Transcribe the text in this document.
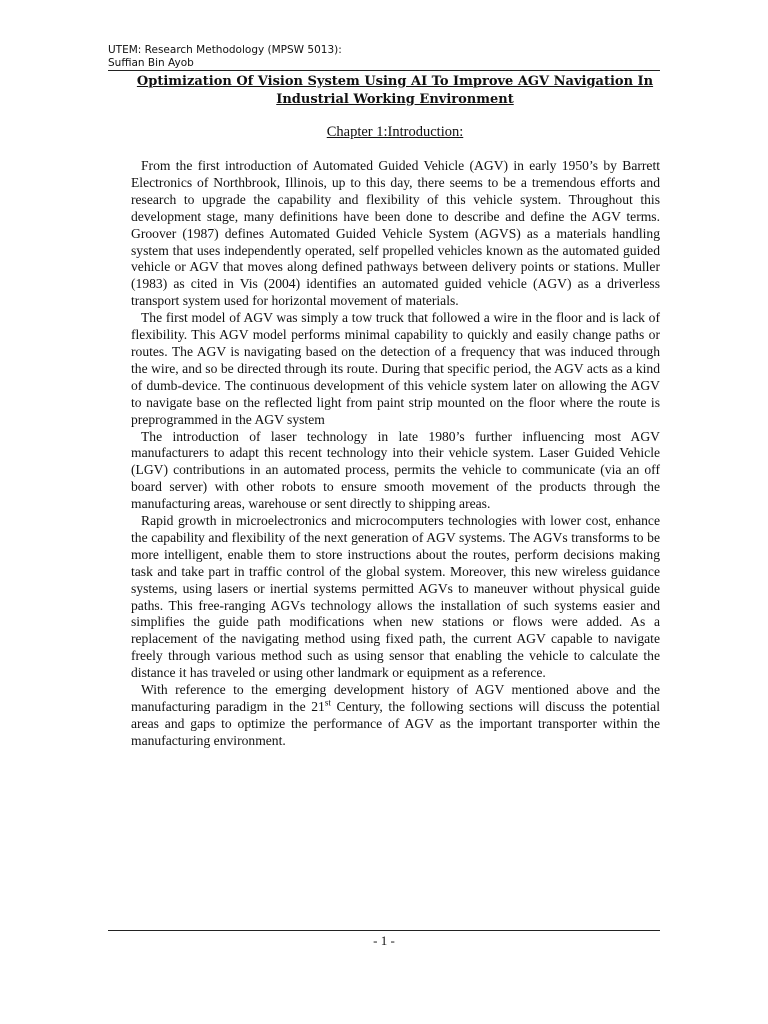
UTEM: Research Methodology (MPSW 5013):
Suffian Bin Ayob
Optimization Of Vision System Using AI To Improve AGV Navigation In
Industrial Working Environment
Chapter 1:Introduction:

From the first introduction of Automated Guided Vehicle (AGV) in early 1950’s by Barrett Electronics of Northbrook, Illinois, up to this day, there seems to be a tremendous efforts and research to upgrade the capability and flexibility of this vehicle system. Throughout this development stage, many definitions have been done to describe and define the AGV terms. Groover (1987) defines Automated Guided Vehicle System (AGVS) as a materials handling system that uses independently operated, self propelled vehicles known as the automated guided vehicle or AGV that moves along defined pathways between delivery points or stations. Muller (1983) as cited in Vis (2004) identifies an automated guided vehicle (AGV) as a driverless transport system used for horizontal movement of materials.

The first model of AGV was simply a tow truck that followed a wire in the floor and is lack of flexibility. This AGV model performs minimal capability to quickly and easily change paths or routes. The AGV is navigating based on the detection of a frequency that was induced through the wire, and so be directed through its route. During that specific period, the AGV acts as a kind of dumb-device. The continuous development of this vehicle system later on allowing the AGV to navigate base on the reflected light from paint strip mounted on the floor where the route is preprogrammed in the AGV system

The introduction of laser technology in late 1980’s further influencing most AGV manufacturers to adapt this recent technology into their vehicle system. Laser Guided Vehicle (LGV) contributions in an automated process, permits the vehicle to communicate (via an off board server) with other robots to ensure smooth movement of the products through the manufacturing areas, warehouse or sent directly to shipping areas.

Rapid growth in microelectronics and microcomputers technologies with lower cost, enhance the capability and flexibility of the next generation of AGV systems. The AGVs transforms to be more intelligent, enable them to store instructions about the routes, perform decisions making task and take part in traffic control of the global system. Moreover, this new wireless guidance systems, using lasers or inertial systems permitted AGVs to maneuver without physical guide paths. This free-ranging AGVs technology allows the installation of such systems easier and simplifies the guide path modifications when new stations or flows were added. As a replacement of the navigating method using fixed path, the current AGV capable to navigate freely through various method such as using sensor that enabling the vehicle to calculate the distance it has traveled or using other landmark or equipment as a reference.

With reference to the emerging development history of AGV mentioned above and the manufacturing paradigm in the 21st Century, the following sections will discuss the potential areas and gaps to optimize the performance of AGV as the important transporter within the manufacturing environment.

- 1 -
